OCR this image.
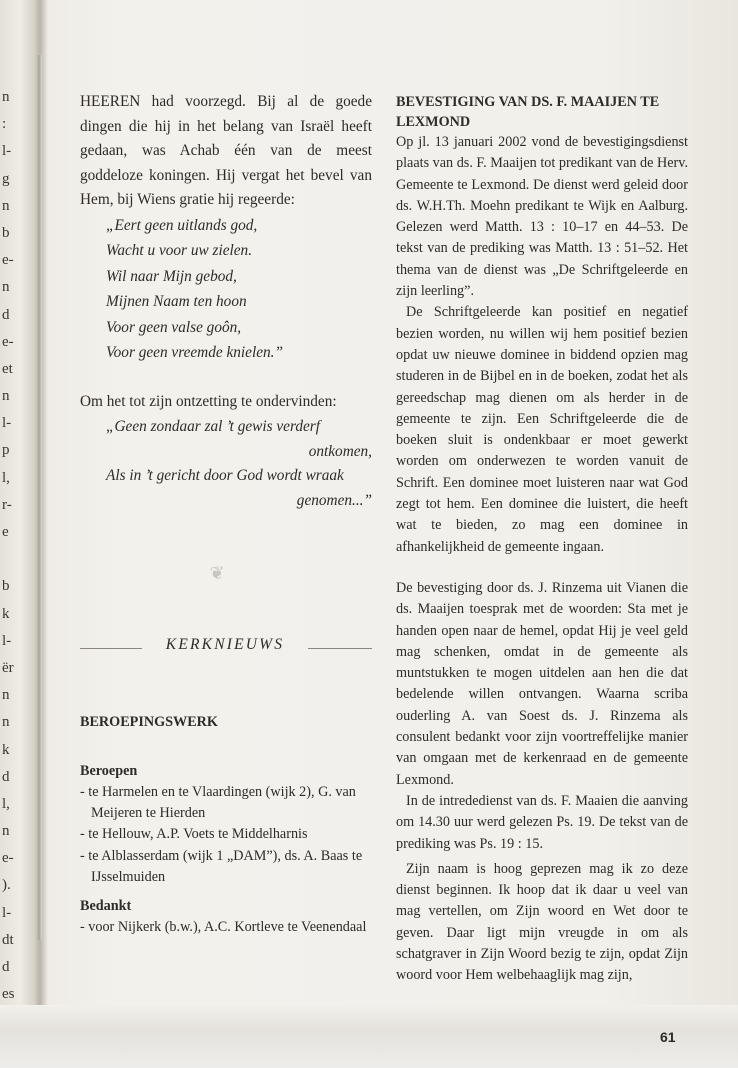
n
:
l-
g
n
b
e-
n
d
e-
et
n
l-
p
l,
r-
e
b
k
l-
ër
n
n
k
d
l,
n
e-
).
l-
dt
d
es

HEEREN had voorzegd. Bij al de goede dingen die hij in het belang van Israël heeft gedaan, was Achab één van de meest goddeloze koningen. Hij vergat het bevel van Hem, bij Wiens gratie hij regeerde:

„Eert geen uitlands god,
Wacht u voor uw zielen.
Wil naar Mijn gebod,
Mijnen Naam ten hoon
Voor geen valse goôn,
Voor geen vreemde knielen.”

Om het tot zijn ontzetting te ondervinden:

„Geen zondaar zal ’t gewis verderf
ontkomen,
Als in ’t gericht door God wordt wraak
genomen...”
❦
KERKNIEUWS

BEROEPINGSWERK

Beroepen

- te Harmelen en te Vlaardingen (wijk 2), G. van Meijeren te Hierden

- te Hellouw, A.P. Voets te Middelharnis

- te Alblasserdam (wijk 1 „DAM”), ds. A. Baas te IJsselmuiden

Bedankt

- voor Nijkerk (b.w.), A.C. Kortleve te Veenendaal

BEVESTIGING VAN DS. F. MAAIJEN TE LEXMOND

Op jl. 13 januari 2002 vond de bevestigingsdienst plaats van ds. F. Maaijen tot predikant van de Herv. Gemeente te Lexmond. De dienst werd geleid door ds. W.H.Th. Moehn predikant te Wijk en Aalburg. Gelezen werd Matth. 13 : 10–17 en 44–53. De tekst van de prediking was Matth. 13 : 51–52. Het thema van de dienst was „De Schriftgeleerde en zijn leerling”.

De Schriftgeleerde kan positief en negatief bezien worden, nu willen wij hem positief bezien opdat uw nieuwe dominee in biddend opzien mag studeren in de Bijbel en in de boeken, zodat het als gereedschap mag dienen om als herder in de gemeente te zijn. Een Schriftgeleerde die de boeken sluit is ondenkbaar er moet gewerkt worden om onderwezen te worden vanuit de Schrift. Een dominee moet luisteren naar wat God zegt tot hem. Een dominee die luistert, die heeft wat te bieden, zo mag een dominee in afhankelijkheid de gemeente ingaan.

De bevestiging door ds. J. Rinzema uit Vianen die ds. Maaijen toesprak met de woorden: Sta met je handen open naar de hemel, opdat Hij je veel geld mag schenken, omdat in de gemeente als muntstukken te mogen uitdelen aan hen die dat bedelende willen ontvangen. Waarna scriba ouderling A. van Soest ds. J. Rinzema als consulent bedankt voor zijn voortreffelijke manier van omgaan met de kerkenraad en de gemeente Lexmond.

In de intrededienst van ds. F. Maaien die aanving om 14.30 uur werd gelezen Ps. 19. De tekst van de prediking was Ps. 19 : 15.

Zijn naam is hoog geprezen mag ik zo deze dienst beginnen. Ik hoop dat ik daar u veel van mag vertellen, om Zijn woord en Wet door te geven. Daar ligt mijn vreugde in om als schatgraver in Zijn Woord bezig te zijn, opdat Zijn woord voor Hem welbehaaglijk mag zijn,

61
